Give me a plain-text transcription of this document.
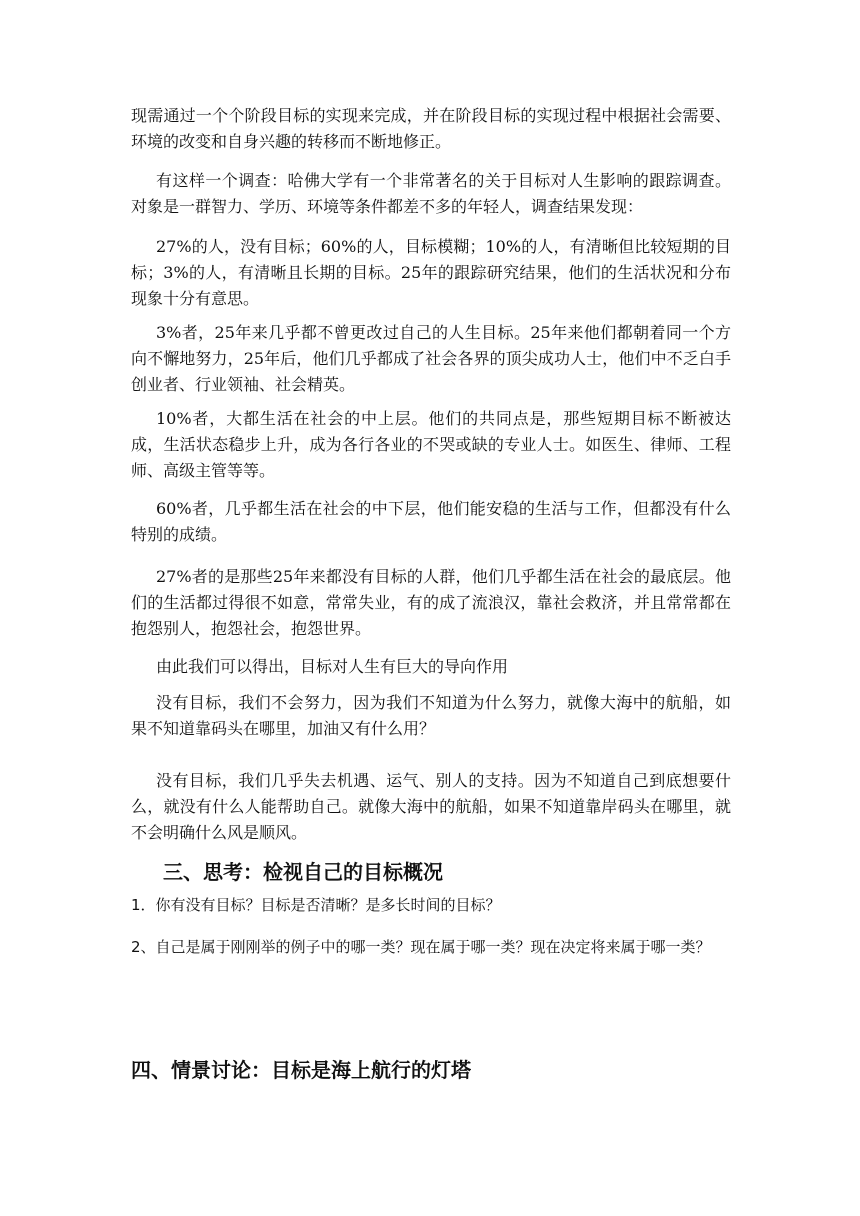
现需通过一个个阶段目标的实现来完成，并在阶段目标的实现过程中根据社会需要、环境的改变和自身兴趣的转移而不断地修正。

有这样一个调查：哈佛大学有一个非常著名的关于目标对人生影响的跟踪调查。对象是一群智力、学历、环境等条件都差不多的年轻人，调查结果发现：

27%的人，没有目标；60%的人，目标模糊；10%的人，有清晰但比较短期的目标；3%的人，有清晰且长期的目标。25年的跟踪研究结果，他们的生活状况和分布现象十分有意思。

3%者，25年来几乎都不曾更改过自己的人生目标。25年来他们都朝着同一个方向不懈地努力，25年后，他们几乎都成了社会各界的顶尖成功人士，他们中不乏白手创业者、行业领袖、社会精英。

10%者，大都生活在社会的中上层。他们的共同点是，那些短期目标不断被达成，生活状态稳步上升，成为各行各业的不哭或缺的专业人士。如医生、律师、工程师、高级主管等等。

60%者，几乎都生活在社会的中下层，他们能安稳的生活与工作，但都没有什么特别的成绩。

27%者的是那些25年来都没有目标的人群，他们几乎都生活在社会的最底层。他们的生活都过得很不如意，常常失业，有的成了流浪汉，靠社会救济，并且常常都在抱怨别人，抱怨社会，抱怨世界。

由此我们可以得出，目标对人生有巨大的导向作用

没有目标，我们不会努力，因为我们不知道为什么努力，就像大海中的航船，如果不知道靠码头在哪里，加油又有什么用？

没有目标，我们几乎失去机遇、运气、别人的支持。因为不知道自己到底想要什么，就没有什么人能帮助自己。就像大海中的航船，如果不知道靠岸码头在哪里，就不会明确什么风是顺风。

三、思考：检视自己的目标概况

1．你有没有目标？目标是否清晰？是多长时间的目标？

2、自己是属于刚刚举的例子中的哪一类？现在属于哪一类？现在决定将来属于哪一类？

四、情景讨论：目标是海上航行的灯塔
